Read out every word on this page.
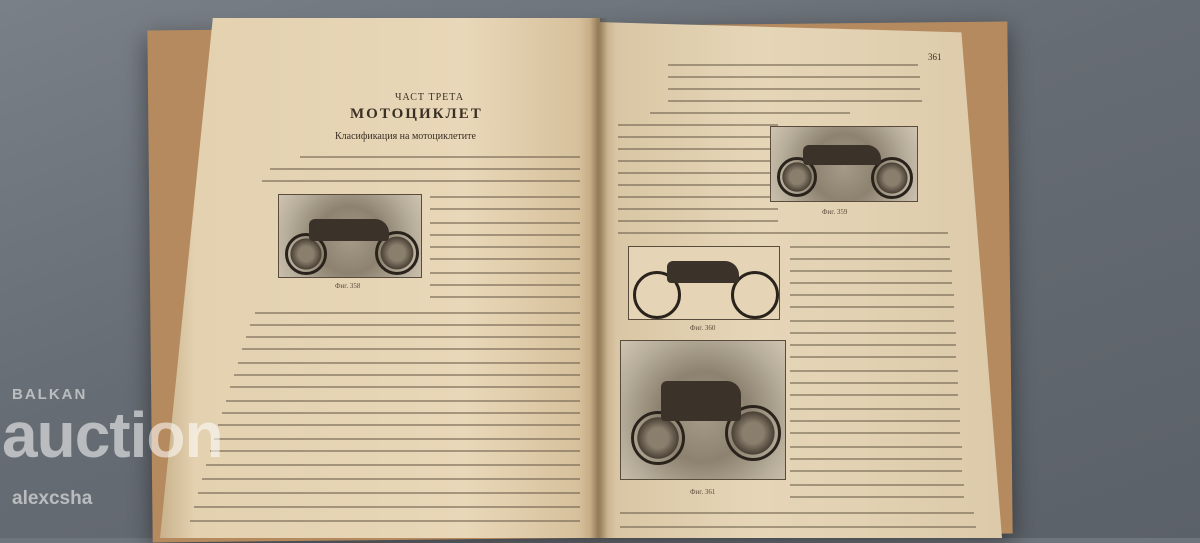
ЧАСТ ТРЕТА
МОТОЦИКЛЕТ
Класификация на мотоциклетите
Фиг. 358
361
Фиг. 359
Фиг. 360
Фиг. 361
BALKAN
auction
alexcsha
